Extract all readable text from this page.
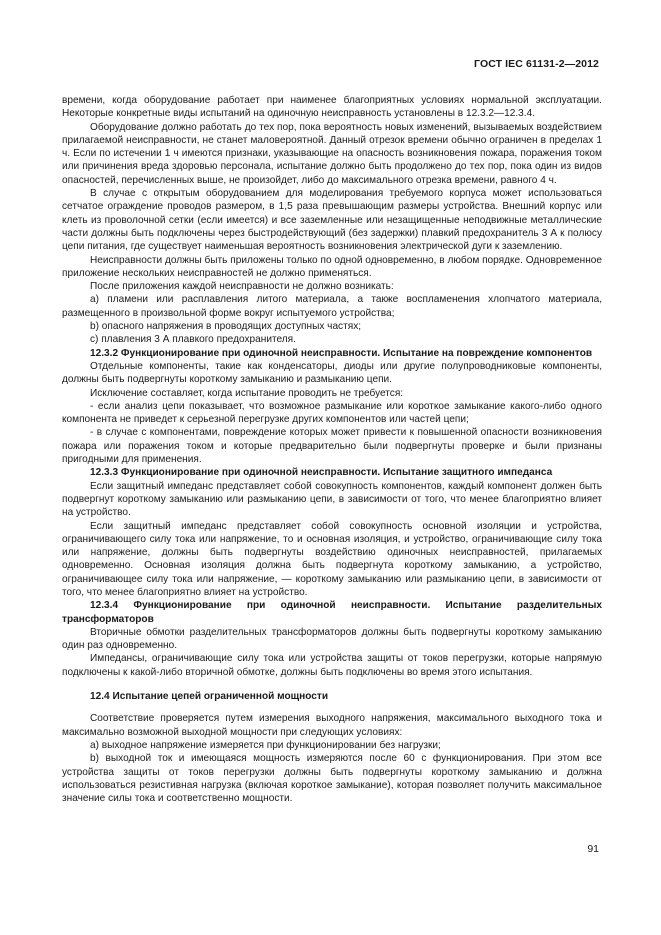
ГОСТ IEC 61131-2—2012

времени, когда оборудование работает при наименее благоприятных условиях нормальной эксплуатации. Некоторые конкретные виды испытаний на одиночную неисправность установлены в 12.3.2—12.3.4.

Оборудование должно работать до тех пор, пока вероятность новых изменений, вызываемых воздействием прилагаемой неисправности, не станет маловероятной. Данный отрезок времени обычно ограничен в пределах 1 ч. Если по истечении 1 ч имеются признаки, указывающие на опасность возникновения пожара, поражения током или причинения вреда здоровью персонала, испытание должно быть продолжено до тех пор, пока один из видов опасностей, перечисленных выше, не произойдет, либо до максимального отрезка времени, равного 4 ч.

В случае с открытым оборудованием для моделирования требуемого корпуса может использоваться сетчатое ограждение проводов размером, в 1,5 раза превышающим размеры устройства. Внешний корпус или клеть из проволочной сетки (если имеется) и все заземленные или незащищенные неподвижные металлические части должны быть подключены через быстродействующий (без задержки) плавкий предохранитель 3 А к полюсу цепи питания, где существует наименьшая вероятность возникновения электрической дуги к заземлению.

Неисправности должны быть приложены только по одной одновременно, в любом порядке. Одновременное приложение нескольких неисправностей не должно применяться.

После приложения каждой неисправности не должно возникать:

a) пламени или расплавления литого материала, а также воспламенения хлопчатого материала, размещенного в произвольной форме вокруг испытуемого устройства;

b) опасного напряжения в проводящих доступных частях;

c) плавления 3 А плавкого предохранителя.

12.3.2 Функционирование при одиночной неисправности. Испытание на повреждение компонентов

Отдельные компоненты, такие как конденсаторы, диоды или другие полупроводниковые компоненты, должны быть подвергнуты короткому замыканию и размыканию цепи.

Исключение составляет, когда испытание проводить не требуется:

- если анализ цепи показывает, что возможное размыкание или короткое замыкание какого-либо одного компонента не приведет к серьезной перегрузке других компонентов или частей цепи;

- в случае с компонентами, повреждение которых может привести к повышенной опасности возникновения пожара или поражения током и которые предварительно были подвергнуты проверке и были признаны пригодными для применения.

12.3.3 Функционирование при одиночной неисправности. Испытание защитного импеданса

Если защитный импеданс представляет собой совокупность компонентов, каждый компонент должен быть подвергнут короткому замыканию или размыканию цепи, в зависимости от того, что менее благоприятно влияет на устройство.

Если защитный импеданс представляет собой совокупность основной изоляции и устройства, ограничивающего силу тока или напряжение, то и основная изоляция, и устройство, ограничивающие силу тока или напряжение, должны быть подвергнуты воздействию одиночных неисправностей, прилагаемых одновременно. Основная изоляция должна быть подвергнута короткому замыканию, а устройство, ограничивающее силу тока или напряжение, — короткому замыканию или размыканию цепи, в зависимости от того, что менее благоприятно влияет на устройство.

12.3.4 Функционирование при одиночной неисправности. Испытание разделительных трансформаторов

Вторичные обмотки разделительных трансформаторов должны быть подвергнуты короткому замыканию один раз одновременно.

Импедансы, ограничивающие силу тока или устройства защиты от токов перегрузки, которые напрямую подключены к какой-либо вторичной обмотке, должны быть подключены во время этого испытания.

12.4 Испытание цепей ограниченной мощности

Соответствие проверяется путем измерения выходного напряжения, максимального выходного тока и максимально возможной выходной мощности при следующих условиях:

a) выходное напряжение измеряется при функционировании без нагрузки;

b) выходной ток и имеющаяся мощность измеряются после 60 с функционирования. При этом все устройства защиты от токов перегрузки должны быть подвергнуты короткому замыканию и должна использоваться резистивная нагрузка (включая короткое замыкание), которая позволяет получить максимальное значение силы тока и соответственно мощности.

91
